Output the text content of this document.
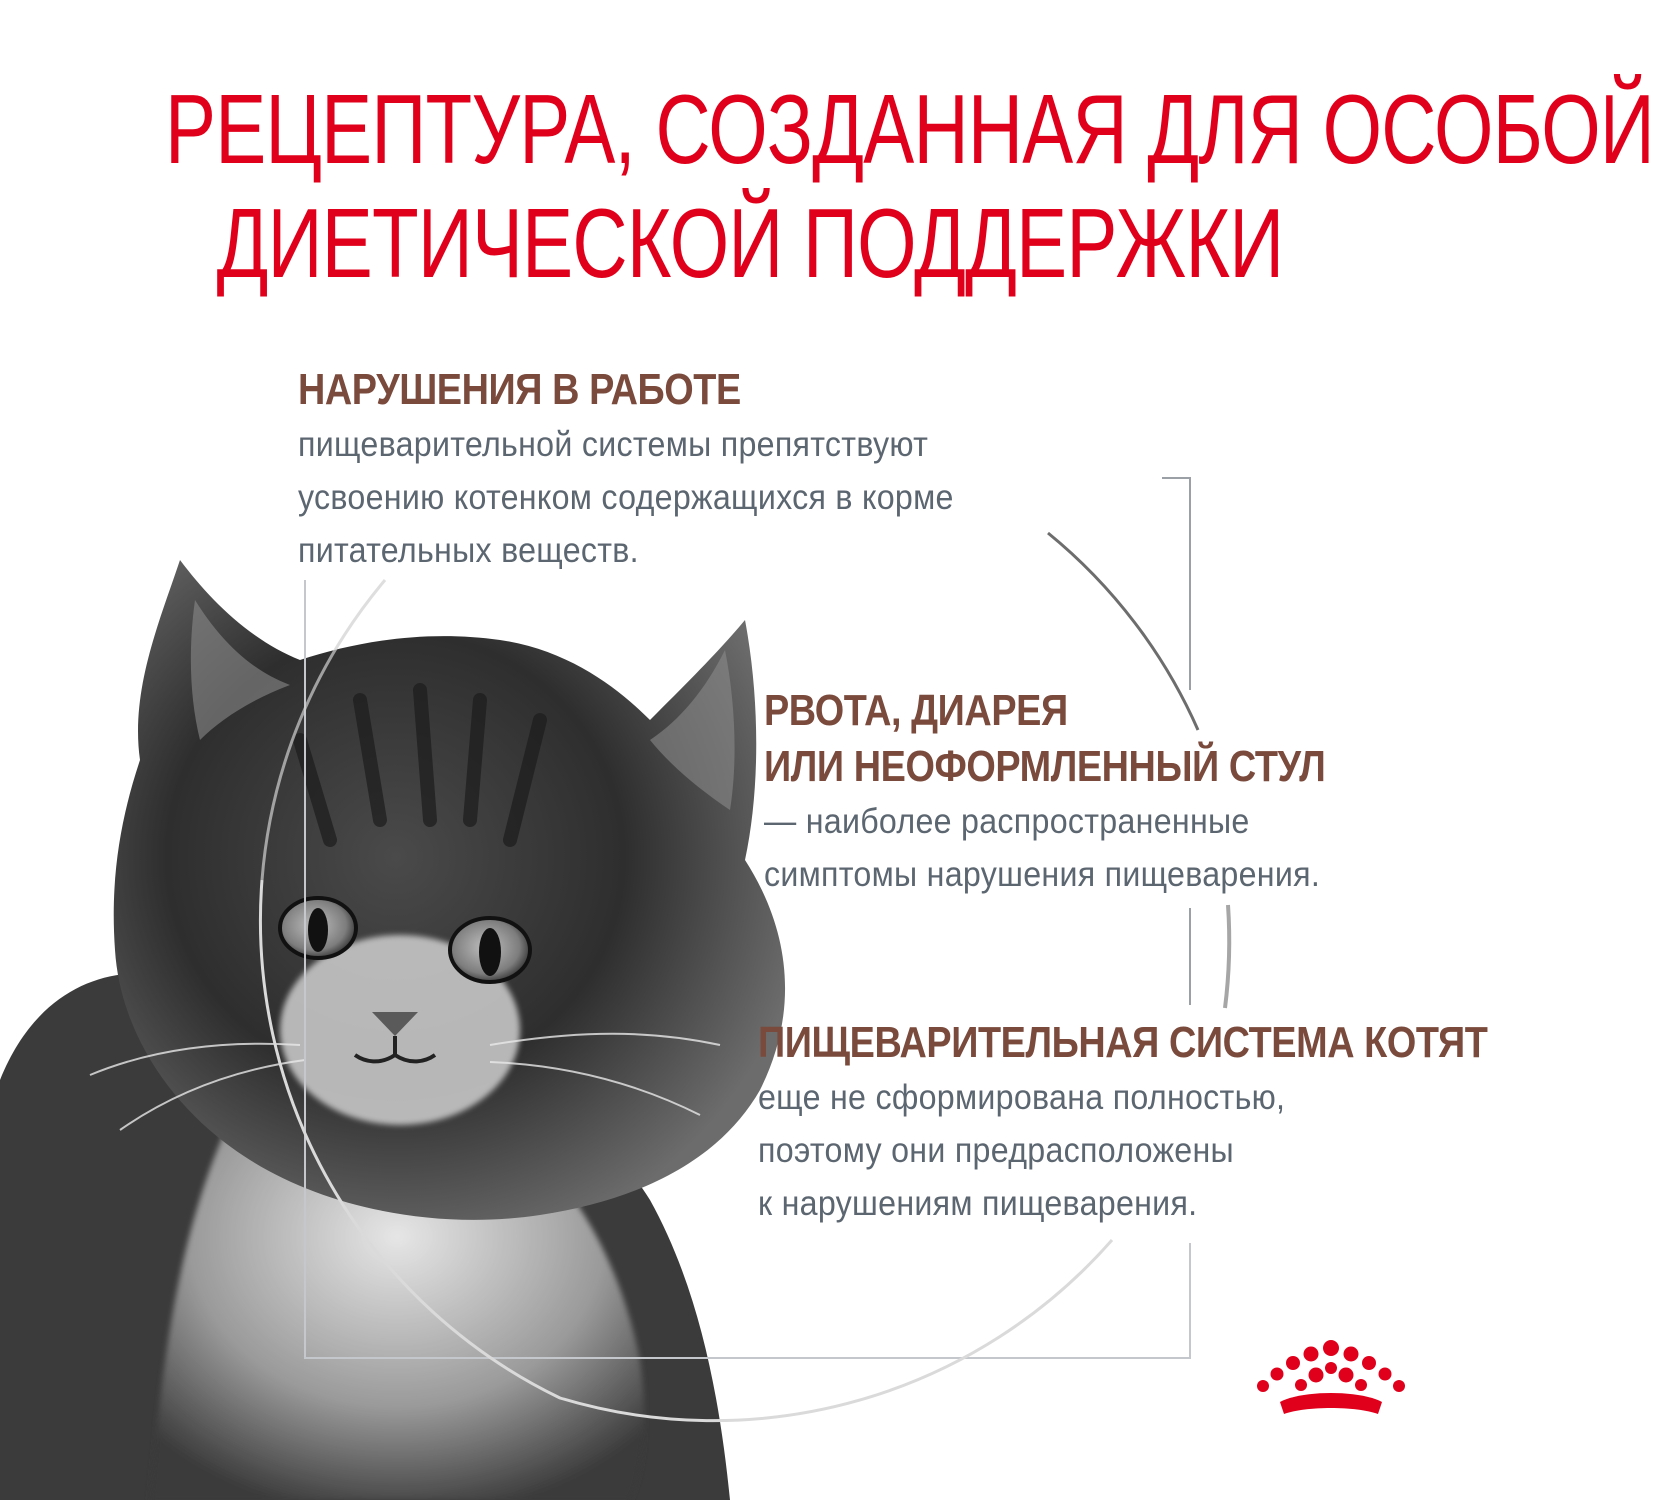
РЕЦЕПТУРА, СОЗДАННАЯ ДЛЯ ОСОБОЙ
ДИЕТИЧЕСКОЙ ПОДДЕРЖКИ
НАРУШЕНИЯ В РАБОТЕ
пищеварительной системы препятствуют
усвоению котенком содержащихся в корме
питательных веществ.
РВОТА, ДИАРЕЯ
ИЛИ НЕОФОРМЛЕННЫЙ СТУЛ
— наиболее распространенные
симптомы нарушения пищеварения.
ПИЩЕВАРИТЕЛЬНАЯ СИСТЕМА КОТЯТ
еще не сформирована полностью,
поэтому они предрасположены
к нарушениям пищеварения.
